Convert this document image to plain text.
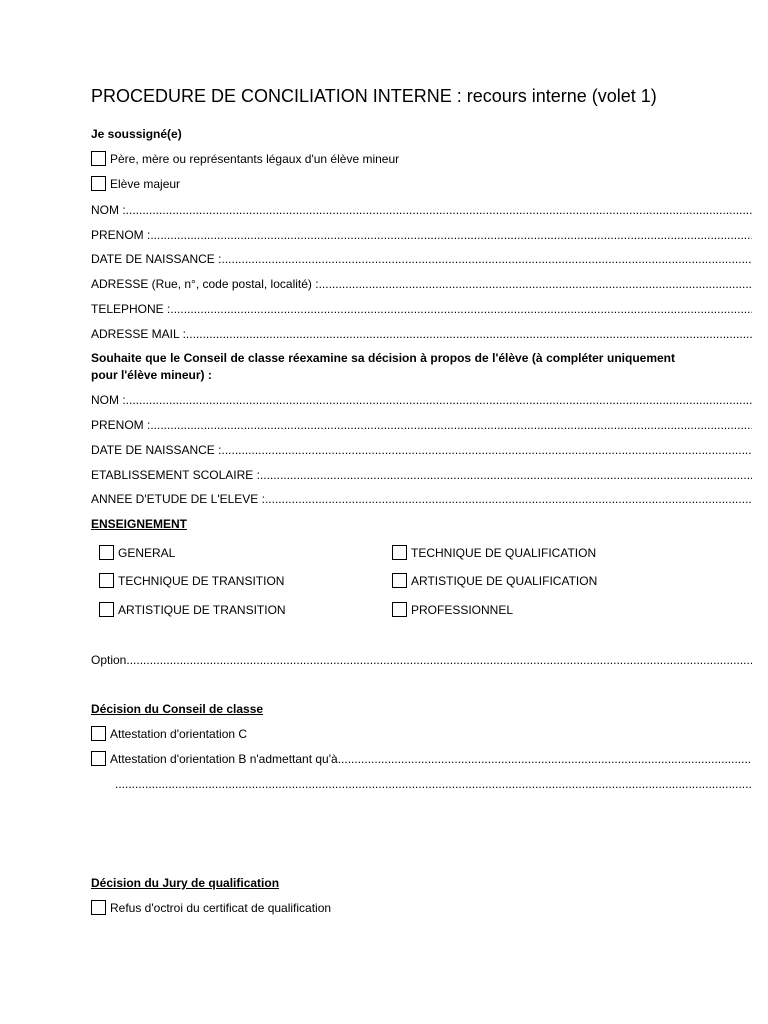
PROCEDURE DE CONCILIATION INTERNE : recours interne (volet 1)
Je soussigné(e)
Père, mère ou représentants légaux d'un élève mineur
Elève majeur
NOM :
.....
PRENOM :
.....
DATE DE NAISSANCE :
.....
ADRESSE (Rue, n°, code postal, localité) :
.....
TELEPHONE :
.....
ADRESSE MAIL :
.....
Souhaite que le Conseil de classe réexamine sa décision à propos de l'élève (à compléter uniquement pour l'élève mineur) :
NOM :
.....
PRENOM :
.....
DATE DE NAISSANCE :
.....
ETABLISSEMENT SCOLAIRE :
.....
ANNEE D'ETUDE DE L'ELEVE :
.....
ENSEIGNEMENT
GENERAL
TECHNIQUE DE TRANSITION
ARTISTIQUE DE TRANSITION
TECHNIQUE DE QUALIFICATION
ARTISTIQUE DE QUALIFICATION
PROFESSIONNEL
Option
.....
Décision du Conseil de classe
Attestation d'orientation C
Attestation d'orientation B n'admettant qu'à
.....
.....
Décision du Jury de qualification
Refus d'octroi du certificat de qualification
